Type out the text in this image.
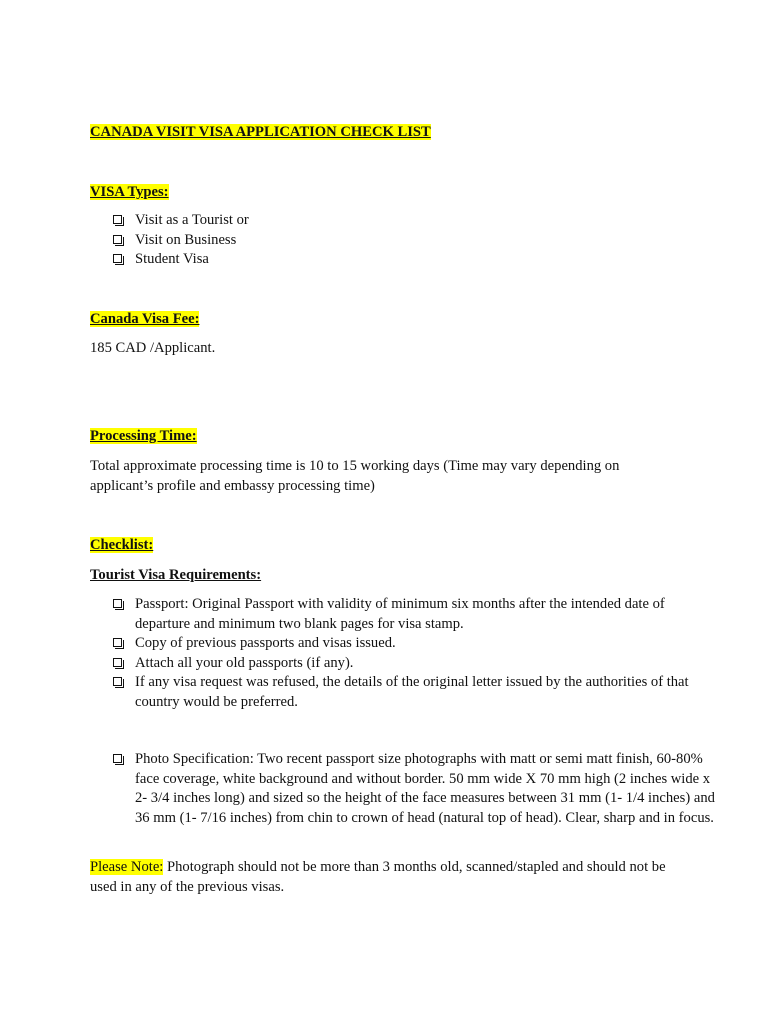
CANADA VISIT VISA APPLICATION CHECK LIST
VISA Types:
Visit as a Tourist or
Visit on Business
Student Visa
Canada Visa Fee:

185 CAD /Applicant.

Processing Time:

Total approximate processing time is 10 to 15 working days (Time may vary depending on applicant’s profile and embassy processing time)

Checklist:
Tourist Visa Requirements:
Passport: Original Passport with validity of minimum six months after the intended date of departure and minimum two blank pages for visa stamp.
Copy of previous passports and visas issued.
Attach all your old passports (if any).
If any visa request was refused, the details of the original letter issued by the authorities of that country would be preferred.
Photo Specification: Two recent passport size photographs with matt or semi matt finish, 60-80% face coverage, white background and without border. 50 mm wide X 70 mm high (2 inches wide x 2- 3/4 inches long) and sized so the height of the face measures between 31 mm (1- 1/4 inches) and 36 mm (1- 7/16 inches) from chin to crown of head (natural top of head). Clear, sharp and in focus.

Please Note: Photograph should not be more than 3 months old, scanned/stapled and should not be used in any of the previous visas.
